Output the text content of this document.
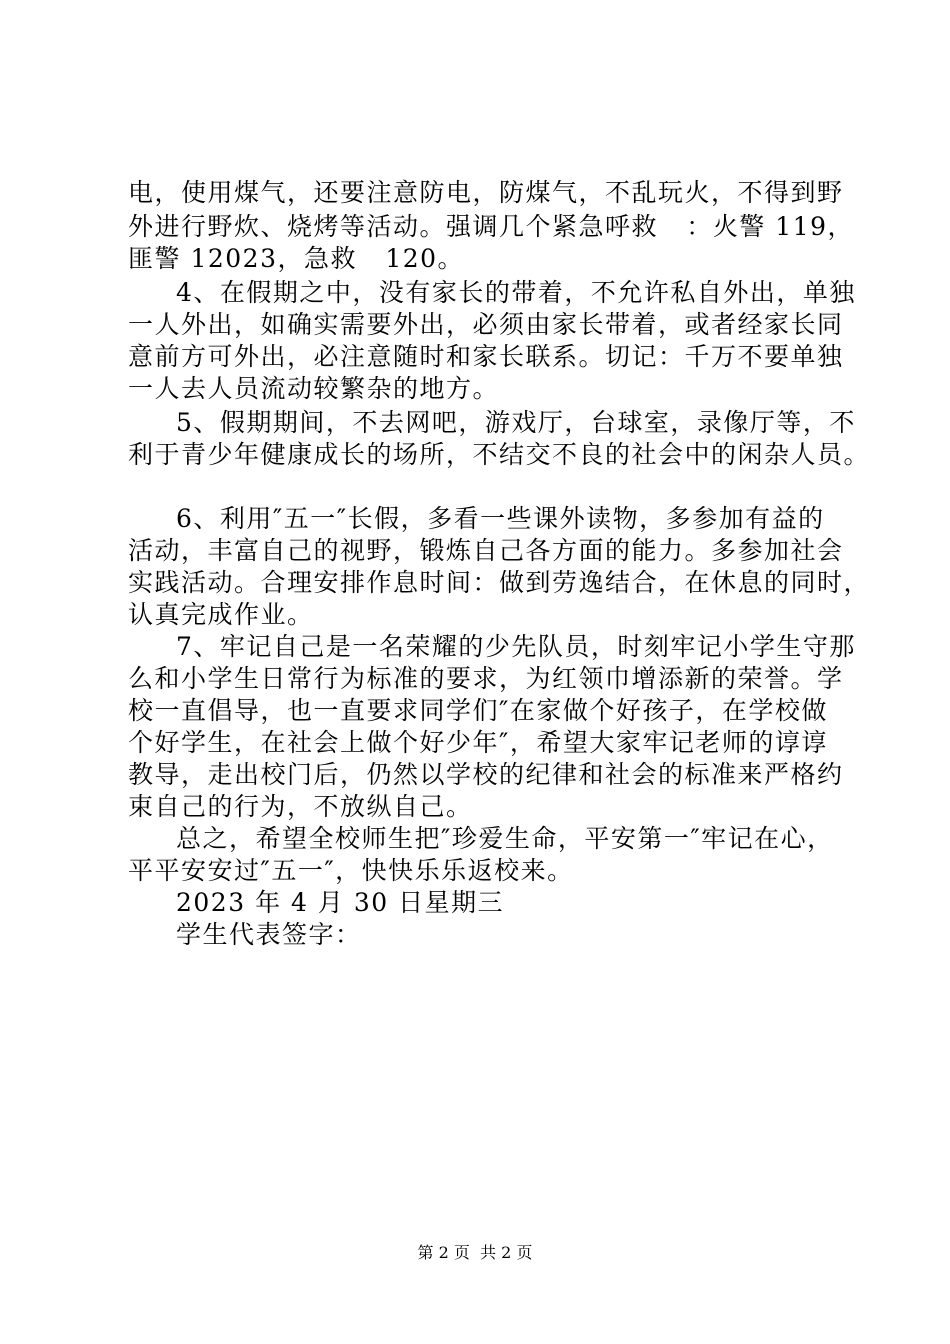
电，使用煤气，还要注意防电，防煤气，不乱玩火，不得到野
外进行野炊、烧烤等活动。强调几个紧急呼救   ：火警 119，
匪警 12023，急救   120。
4、在假期之中，没有家长的带着，不允许私自外出，单独
一人外出，如确实需要外出，必须由家长带着，或者经家长同
意前方可外出，必注意随时和家长联系。切记：千万不要单独
一人去人员流动较繁杂的地方。
5、假期期间，不去网吧，游戏厅，台球室，录像厅等，不
利于青少年健康成长的场所，不结交不良的社会中的闲杂人员。
6、利用″五一″长假，多看一些课外读物，多参加有益的
活动，丰富自己的视野，锻炼自己各方面的能力。多参加社会
实践活动。合理安排作息时间：做到劳逸结合，在休息的同时，
认真完成作业。
7、牢记自己是一名荣耀的少先队员，时刻牢记小学生守那
么和小学生日常行为标准的要求，为红领巾增添新的荣誉。学
校一直倡导，也一直要求同学们″在家做个好孩子，在学校做
个好学生，在社会上做个好少年″，希望大家牢记老师的谆谆
教导，走出校门后，仍然以学校的纪律和社会的标准来严格约
束自己的行为，不放纵自己。
总之，希望全校师生把″珍爱生命，平安第一″牢记在心，
平平安安过″五一″，快快乐乐返校来。
2023 年 4 月 30 日星期三
学生代表签字：
第 2 页  共 2 页
